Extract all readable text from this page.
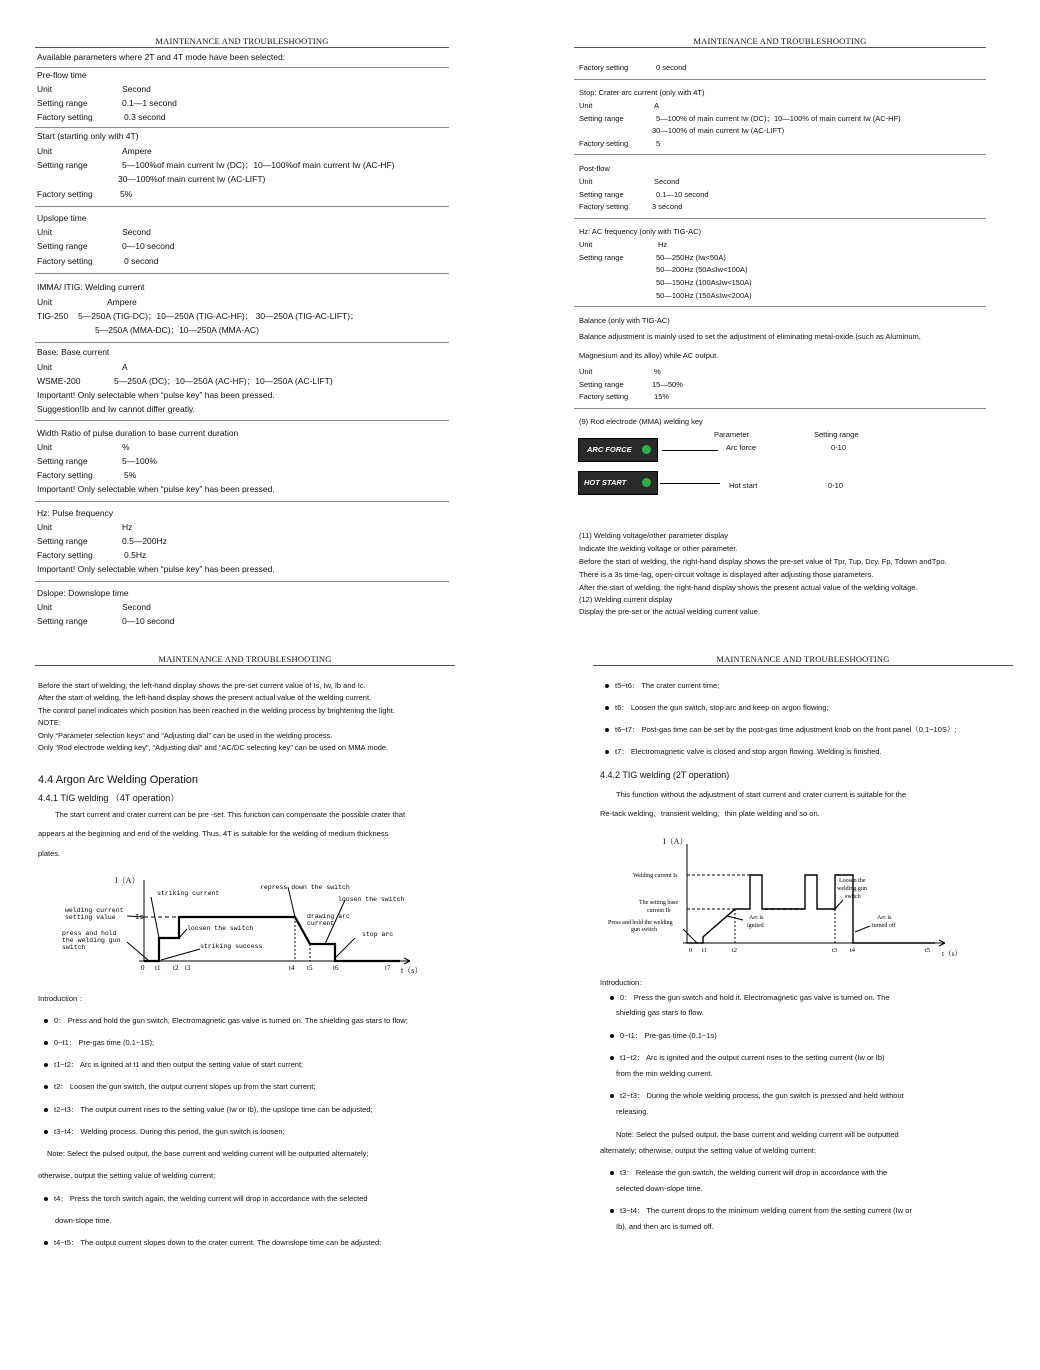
MAINTENANCE AND TROUBLESHOOTING
Available parameters where 2T and 4T mode have been selected:
Pre-flow time
Unit	Second
Setting range	0.1—1 second
Factory setting	0.3 second
Start (starting only with 4T)
Unit	Ampere
Setting range	5—100%of main current Iw (DC)；10—100%of main current Iw (AC-HF)
30—100%of main current Iw (AC-LIFT)
Factory setting	5%
Upslope time
Unit	Second
Setting range	0—10 second
Factory setting	0 second
IMMA/ ITIG: Welding current
Unit	Ampere
TIG-250 5—250A (TIG-DC)；10—250A (TIG-AC-HF)； 30—250A (TIG-AC-LIFT)；
5—250A (MMA-DC)；10—250A (MMA-AC)
Base: Base current
Unit	A
WSME-200	5—250A (DC)；10—250A (AC-HF)；10—250A (AC-LIFT)
Important! Only selectable when “pulse key” has been pressed.
Suggestion!Ib and Iw cannot differ greatly.
Width Ratio of pulse duration to base current duration
Unit	%
Setting range	5—100%
Factory setting	5%
Important! Only selectable when “pulse key” has been pressed.
Hz: Pulse frequency
Unit	Hz
Setting range	0.5—200Hz
Factory setting	0.5Hz
Important! Only selectable when “pulse key” has been pressed.
Dslope: Downslope time
Unit	Second
Setting range	0—10 second
MAINTENANCE AND TROUBLESHOOTING
Factory setting	0 second
Stop: Crater arc current (only with 4T)
Unit	A
Setting range	5—100% of main current Iw (DC)；10—100% of main current Iw (AC-HF)
30—100% of main current Iw (AC-LIFT)
Factory setting	5
Post-flow
Unit	Second
Setting range	0.1—10 second
Factory setting	3 second
Hz: AC frequency (only with TIG-AC)
Unit	Hz
Setting range	50—250Hz (Iw<50A)
50—200Hz (50A≤Iw<100A)
50—150Hz (100A≤Iw<150A)
50—100Hz (150A≤Iw<200A)
Balance (only with TIG-AC)
Balance adjustment is mainly used to set the adjustment of eliminating metal-oxide (such as Aluminum,
Magnesium and its alloy) while AC output.
Unit	%
Setting range	15—50%
Factory setting	15%
(9) Rod electrode (MMA) welding key
Parameter	Setting range
ARC FORCE
HOT START
Arc force	0-10
Hot start	0-10
(11) Welding voltage/other parameter display
Indicate the welding voltage or other parameter.
Before the start of welding, the right-hand display shows the pre-set value of Tpr, Tup, Dcy, Fp, Tdown andTpo.
There is a 3s time-lag, open-circuit voltage is displayed after adjusting those parameters.
After the start of welding, the right-hand display shows the present actual value of the welding voltage.
(12) Welding current display
Display the pre-set or the actual welding current value.
MAINTENANCE AND TROUBLESHOOTING
Before the start of welding, the left-hand display shows the pre-set current value of Is, Iw, Ib and Ic.
After the start of welding, the left-hand display shows the present actual value of the welding current.
The control panel indicates which position has been reached in the welding process by brightening the light.
NOTE:
Only “Parameter selection keys” and “Adjusting dial” can be used in the welding process.
Only “Rod electrode welding key”, “Adjusting dial” and “AC/DC selecting key” can be used on MMA mode.
4.4 Argon Arc Welding Operation
4.4.1 TIG welding （4T operation）
The start current and crater current can be pre -set. This function can compensate the possible crater that
appears at the beginning and end of the welding. Thus, 4T is suitable for the welding of medium thickness
plates.
I（A）
striking current
repress down the switch
loosen the switch
welding current
setting value	Is
press and hold
the welding gun
switch
loosen the switch
drawing arc
current
stop arc
striking success
0 t1 t2 t3	t4 t5	t6	t7 t（s）
Introduction ：
0： Press and hold the gun switch, Electromagnetic gas valve is turned on. The shielding gas stars to flow;
0~t1： Pre-gas time (0.1~1S);
t1~t2： Arc is ignited at t1 and then output the setting value of start current;
t2： Loosen the gun switch, the output current slopes up from the start current;
t2~t3： The output current rises to the setting value (Iw or Ib), the upslope time can be adjusted;
t3~t4： Welding process. During this period, the gun switch is loosen;
Note: Select the pulsed output, the base current and welding current will be outputted alternately;
otherwise, output the setting value of welding current;
t4： Press the torch switch again, the welding current will drop in accordance with the selected
down-slope time.
t4~t5： The output current slopes down to the crater current. The downslope time can be adjusted;
MAINTENANCE AND TROUBLESHOOTING
t5~t6： The crater current time;
t6： Loosen the gun switch, stop arc and keep on argon flowing;
t6~t7： Post-gas time can be set by the post-gas time adjustment knob on the front panel（0.1~10S）;
t7： Electromagnetic valve is closed and stop argon flowing. Welding is finished.
4.4.2 TIG welding (2T operation)
This function without the adjustment of start current and crater current is suitable for the
Re-tack welding、transient welding、thin plate welding and so on.
I（A）
Welding current Is
The setting base
current Ib
Press and hold the welding
gun switch
Arc is
ignited
Loosen the
welding gun
switch
Arc is
turned off
0 t1	t2	t3 t4	t5 t（s）
Introduction：
0： Press the gun switch and hold it. Electromagnetic gas valve is turned on. The
shielding gas stars to flow.
0~t1： Pre-gas time (0.1~1s)
t1~t2： Arc is ignited and the output current rises to the setting current (Iw or Ib)
from the min welding current.
t2~t3： During the whole welding process, the gun switch is pressed and held without
releasing.
Note: Select the pulsed output, the base current and welding current will be outputted
alternately; otherwise, output the setting value of welding current;
t3： Release the gun switch, the welding current will drop in accordance with the
selected down-slope time.
t3~t4： The current drops to the minimum welding current from the setting current (Iw or
Ib), and then arc is turned off.
